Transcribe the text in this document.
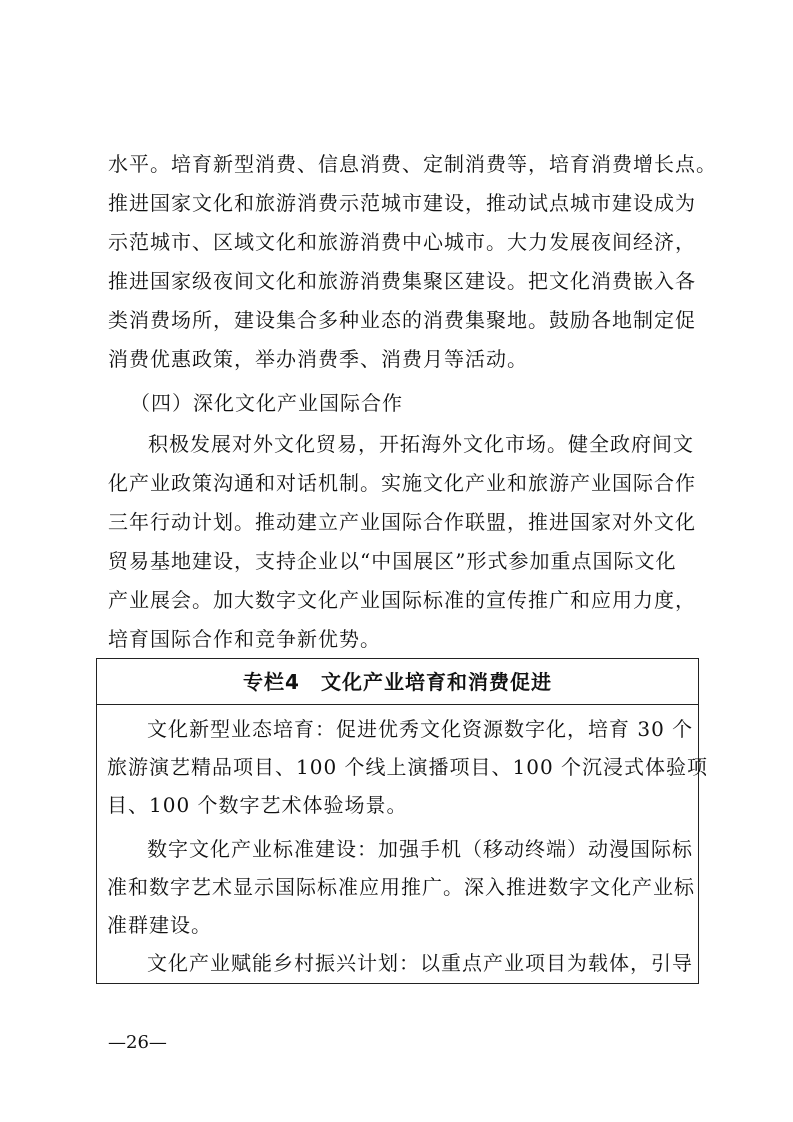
水平。培育新型消费、信息消费、定制消费等，培育消费增长点。
推进国家文化和旅游消费示范城市建设，推动试点城市建设成为
示范城市、区域文化和旅游消费中心城市。大力发展夜间经济，
推进国家级夜间文化和旅游消费集聚区建设。把文化消费嵌入各
类消费场所，建设集合多种业态的消费集聚地。鼓励各地制定促
消费优惠政策，举办消费季、消费月等活动。
（四）深化文化产业国际合作
积极发展对外文化贸易，开拓海外文化市场。健全政府间文
化产业政策沟通和对话机制。实施文化产业和旅游产业国际合作
三年行动计划。推动建立产业国际合作联盟，推进国家对外文化
贸易基地建设，支持企业以“中国展区”形式参加重点国际文化
产业展会。加大数字文化产业国际标准的宣传推广和应用力度，
培育国际合作和竞争新优势。
专栏4　文化产业培育和消费促进
文化新型业态培育：促进优秀文化资源数字化，培育 30 个
旅游演艺精品项目、100 个线上演播项目、100 个沉浸式体验项
目、100 个数字艺术体验场景。
数字文化产业标准建设：加强手机（移动终端）动漫国际标
准和数字艺术显示国际标准应用推广。深入推进数字文化产业标
准群建设。
文化产业赋能乡村振兴计划：以重点产业项目为载体，引导
—26—
